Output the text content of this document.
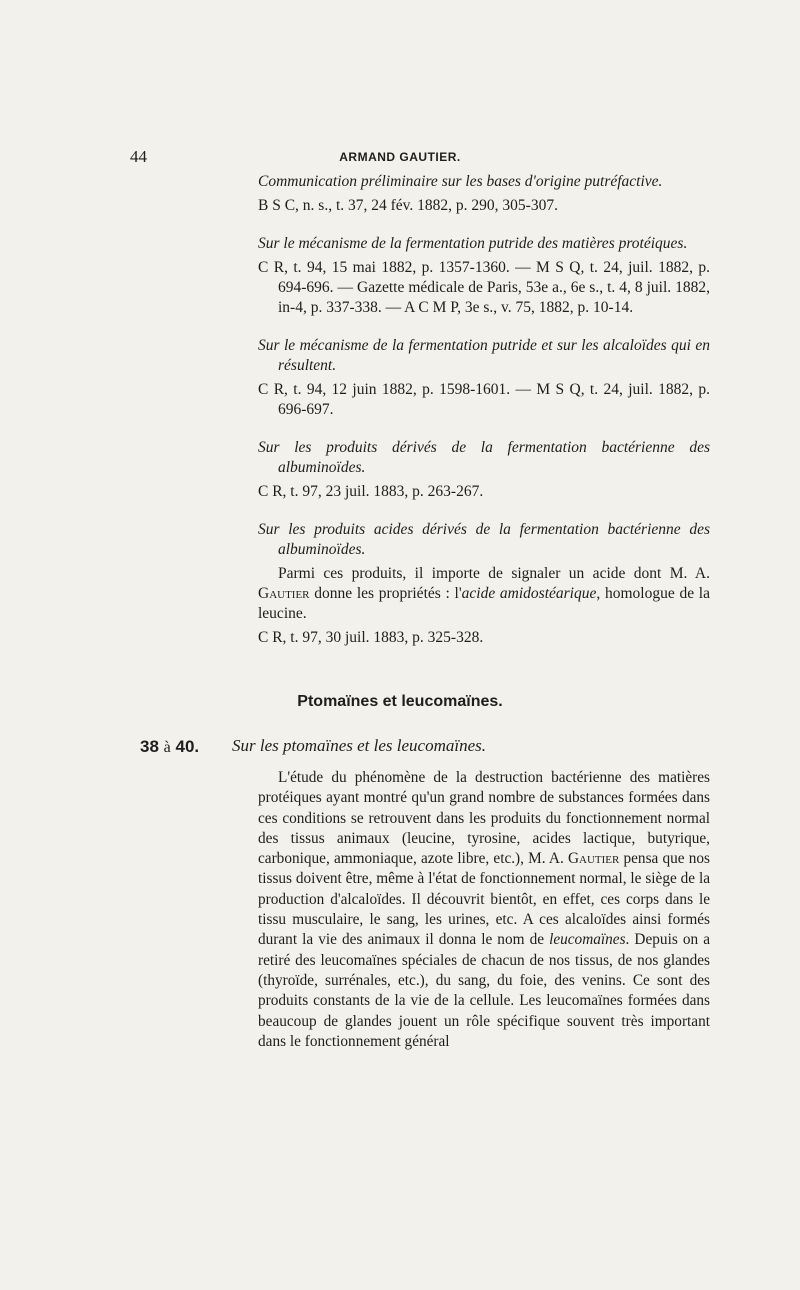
44	ARMAND GAUTIER.

Communication préliminaire sur les bases d'origine putréfactive.

B S C, n. s., t. 37, 24 fév. 1882, p. 290, 305-307.

Sur le mécanisme de la fermentation putride des matières protéiques.

C R, t. 94, 15 mai 1882, p. 1357-1360. — M S Q, t. 24, juil. 1882, p. 694-696. — Gazette médicale de Paris, 53e a., 6e s., t. 4, 8 juil. 1882, in-4, p. 337-338. — A C M P, 3e s., v. 75, 1882, p. 10-14.

Sur le mécanisme de la fermentation putride et sur les alcaloïdes qui en résultent.

C R, t. 94, 12 juin 1882, p. 1598-1601. — M S Q, t. 24, juil. 1882, p. 696-697.

Sur les produits dérivés de la fermentation bactérienne des albuminoïdes.

C R, t. 97, 23 juil. 1883, p. 263-267.

Sur les produits acides dérivés de la fermentation bactérienne des albuminoïdes.

Parmi ces produits, il importe de signaler un acide dont M. A. Gautier donne les propriétés : l'acide amidostéarique, homologue de la leucine.

C R, t. 97, 30 juil. 1883, p. 325-328.

Ptomaïnes et leucomaïnes.
38 à 40. Sur les ptomaïnes et les leucomaïnes.

L'étude du phénomène de la destruction bactérienne des matières protéiques ayant montré qu'un grand nombre de substances formées dans ces conditions se retrouvent dans les produits du fonctionnement normal des tissus animaux (leucine, tyrosine, acides lactique, butyrique, carbonique, ammoniaque, azote libre, etc.), M. A. Gautier pensa que nos tissus doivent être, même à l'état de fonctionnement normal, le siège de la production d'alcaloïdes. Il découvrit bientôt, en effet, ces corps dans le tissu musculaire, le sang, les urines, etc. A ces alcaloïdes ainsi formés durant la vie des animaux il donna le nom de leucomaïnes. Depuis on a retiré des leucomaïnes spéciales de chacun de nos tissus, de nos glandes (thyroïde, surrénales, etc.), du sang, du foie, des venins. Ce sont des produits constants de la vie de la cellule. Les leucomaïnes formées dans beaucoup de glandes jouent un rôle spécifique souvent très important dans le fonctionnement général
